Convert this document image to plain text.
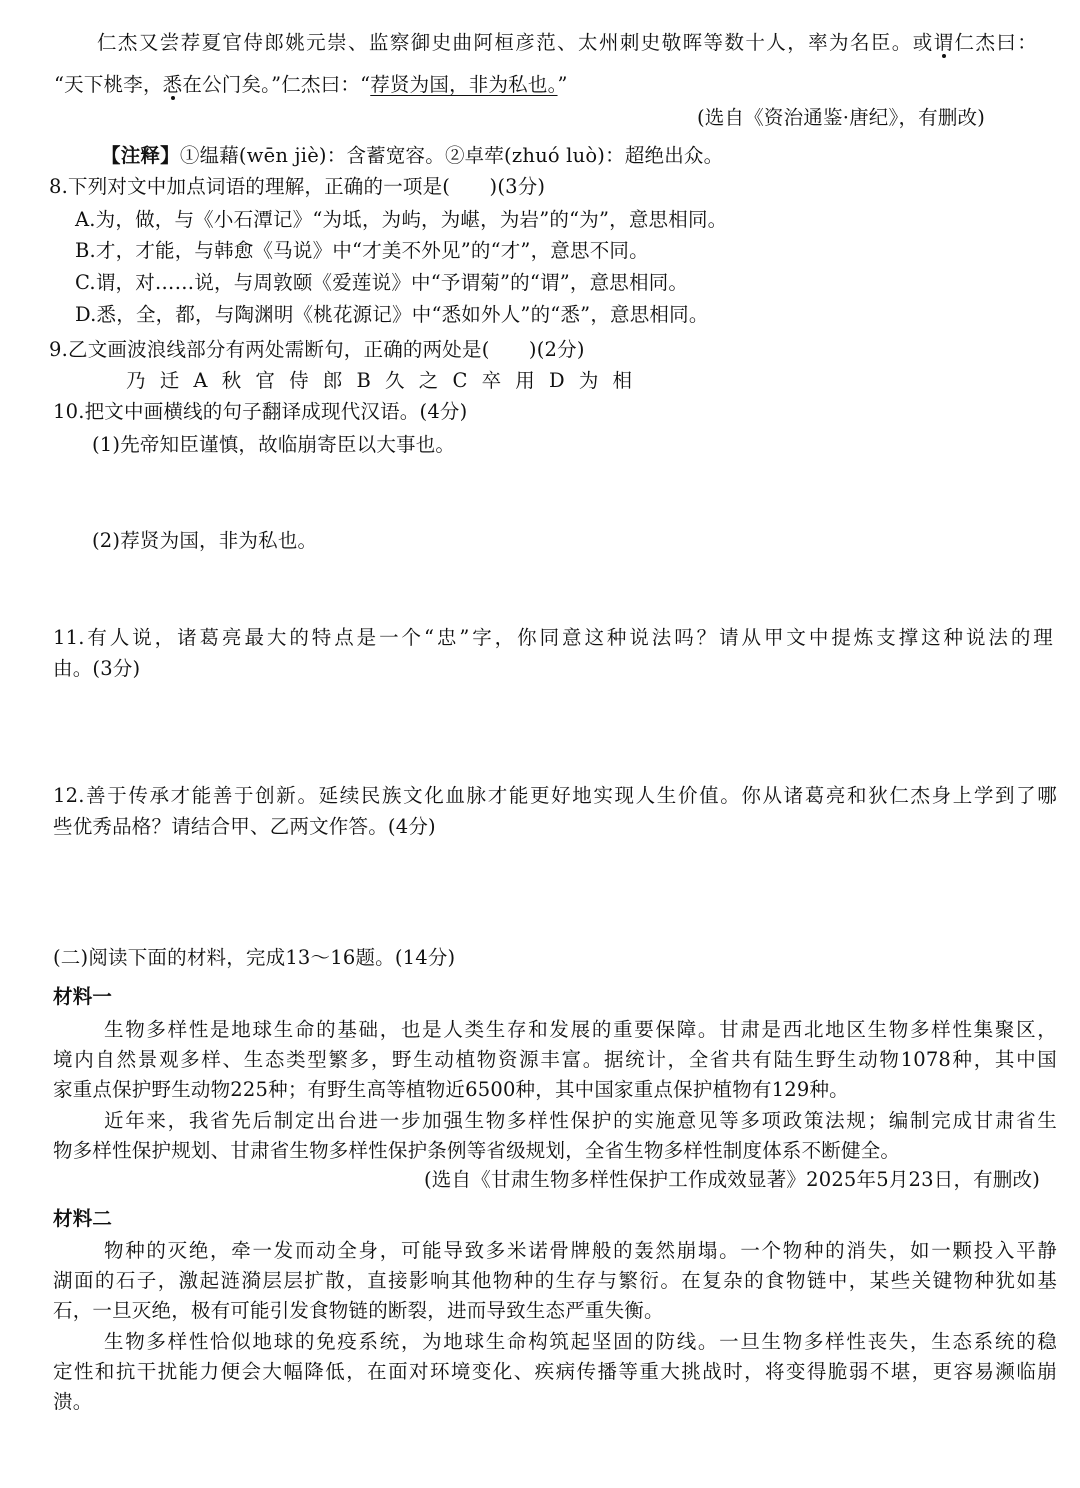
仁杰又尝荐夏官侍郎姚元崇、监察御史曲阿桓彦范、太州刺史敬晖等数十人，率为名臣。或谓仁杰曰：
“天下桃李，悉在公门矣。”仁杰曰：“荐贤为国，非为私也。”
(选自《资治通鉴·唐纪》，有删改)
【注释】①缊藉(wēn jiè)：含蓄宽容。②卓荦(zhuó luò)：超绝出众。
8.下列对文中加点词语的理解，正确的一项是(　　)(3分)
A.为，做，与《小石潭记》“为坻，为屿，为嵁，为岩”的“为”，意思相同。
B.才，才能，与韩愈《马说》中“才美不外见”的“才”，意思不同。
C.谓，对……说，与周敦颐《爱莲说》中“予谓菊”的“谓”，意思相同。
D.悉，全，都，与陶渊明《桃花源记》中“悉如外人”的“悉”，意思相同。
9.乙文画波浪线部分有两处需断句，正确的两处是(　　)(2分)
乃 迁 A 秋 官 侍 郎 B 久 之 C 卒 用 D 为 相
10.把文中画横线的句子翻译成现代汉语。(4分)
(1)先帝知臣谨慎，故临崩寄臣以大事也。
(2)荐贤为国，非为私也。
11.有人说，诸葛亮最大的特点是一个“忠”字，你同意这种说法吗？请从甲文中提炼支撑这种说法的理
由。(3分)
12.善于传承才能善于创新。延续民族文化血脉才能更好地实现人生价值。你从诸葛亮和狄仁杰身上学到了哪
些优秀品格？请结合甲、乙两文作答。(4分)
(二)阅读下面的材料，完成13～16题。(14分)
材料一
生物多样性是地球生命的基础，也是人类生存和发展的重要保障。甘肃是西北地区生物多样性集聚区，
境内自然景观多样、生态类型繁多，野生动植物资源丰富。据统计，全省共有陆生野生动物1078种，其中国
家重点保护野生动物225种；有野生高等植物近6500种，其中国家重点保护植物有129种。
近年来，我省先后制定出台进一步加强生物多样性保护的实施意见等多项政策法规；编制完成甘肃省生
物多样性保护规划、甘肃省生物多样性保护条例等省级规划，全省生物多样性制度体系不断健全。
(选自《甘肃生物多样性保护工作成效显著》2025年5月23日，有删改)
材料二
物种的灭绝，牵一发而动全身，可能导致多米诺骨牌般的轰然崩塌。一个物种的消失，如一颗投入平静
湖面的石子，激起涟漪层层扩散，直接影响其他物种的生存与繁衍。在复杂的食物链中，某些关键物种犹如基
石，一旦灭绝，极有可能引发食物链的断裂，进而导致生态严重失衡。
生物多样性恰似地球的免疫系统，为地球生命构筑起坚固的防线。一旦生物多样性丧失，生态系统的稳
定性和抗干扰能力便会大幅降低，在面对环境变化、疾病传播等重大挑战时，将变得脆弱不堪，更容易濒临崩
溃。
